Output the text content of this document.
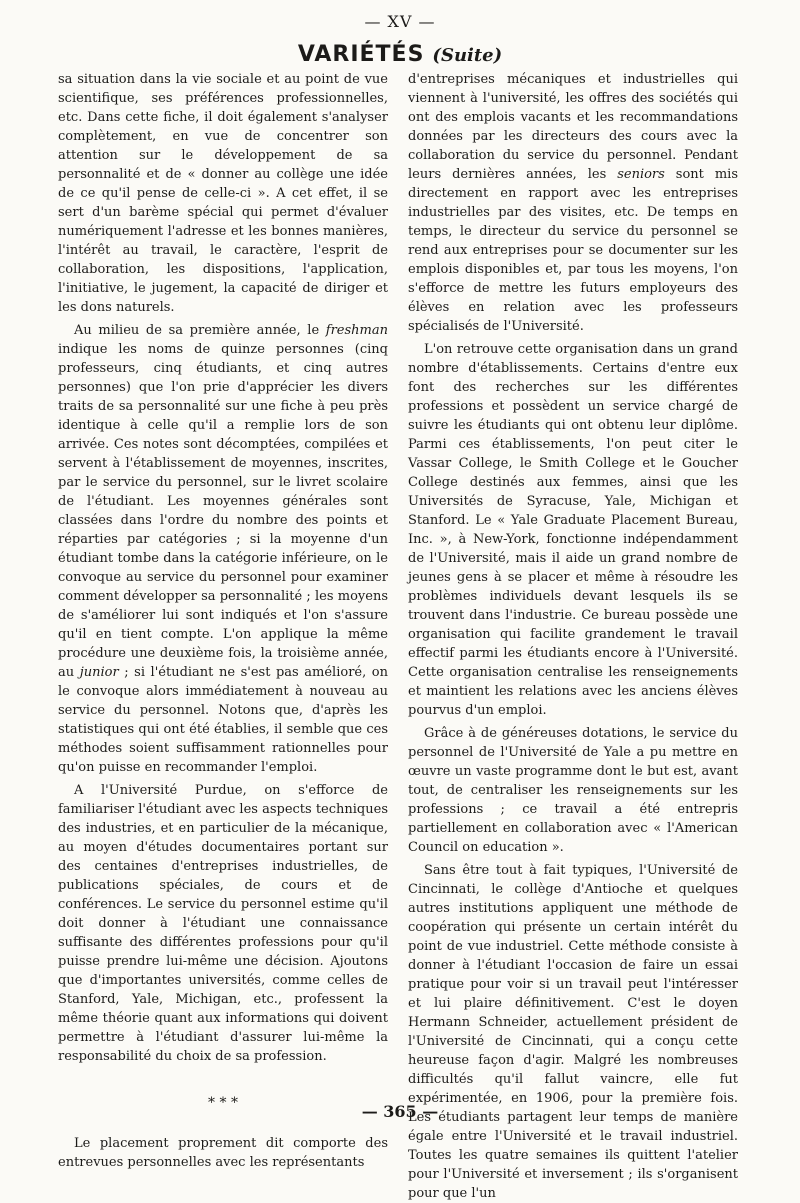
— XV —
VARIÉTÉS (Suite)

sa situation dans la vie sociale et au point de vue scientifique, ses préférences professionnelles, etc. Dans cette fiche, il doit également s'analyser complètement, en vue de concentrer son attention sur le développement de sa personnalité et de « donner au collège une idée de ce qu'il pense de celle-ci ». A cet effet, il se sert d'un barème spécial qui permet d'évaluer numériquement l'adresse et les bonnes manières, l'intérêt au travail, le caractère, l'esprit de collaboration, les dispositions, l'application, l'initiative, le jugement, la capacité de diriger et les dons naturels.

Au milieu de sa première année, le freshman indique les noms de quinze personnes (cinq professeurs, cinq étudiants, et cinq autres personnes) que l'on prie d'apprécier les divers traits de sa personnalité sur une fiche à peu près identique à celle qu'il a remplie lors de son arrivée. Ces notes sont décomptées, compilées et servent à l'établissement de moyennes, inscrites, par le service du personnel, sur le livret scolaire de l'étudiant. Les moyennes générales sont classées dans l'ordre du nombre des points et réparties par catégories ; si la moyenne d'un étudiant tombe dans la catégorie inférieure, on le convoque au service du personnel pour examiner comment développer sa personnalité ; les moyens de s'améliorer lui sont indiqués et l'on s'assure qu'il en tient compte. L'on applique la même procédure une deuxième fois, la troisième année, au junior ; si l'étudiant ne s'est pas amélioré, on le convoque alors immédiatement à nouveau au service du personnel. Notons que, d'après les statistiques qui ont été établies, il semble que ces méthodes soient suffisamment rationnelles pour qu'on puisse en recommander l'emploi.

A l'Université Purdue, on s'efforce de familiariser l'étudiant avec les aspects techniques des industries, et en particulier de la mécanique, au moyen d'études documentaires portant sur des centaines d'entreprises industrielles, de publications spéciales, de cours et de conférences. Le service du personnel estime qu'il doit donner à l'étudiant une connaissance suffisante des différentes professions pour qu'il puisse prendre lui-même une décision. Ajoutons que d'importantes universités, comme celles de Stanford, Yale, Michigan, etc., professent la même théorie quant aux informations qui doivent permettre à l'étudiant d'assurer lui-même la responsabilité du choix de sa profession.

* * *

Le placement proprement dit comporte des entrevues personnelles avec les représentants

d'entreprises mécaniques et industrielles qui viennent à l'université, les offres des sociétés qui ont des emplois vacants et les recommandations données par les directeurs des cours avec la collaboration du service du personnel. Pendant leurs dernières années, les seniors sont mis directement en rapport avec les entreprises industrielles par des visites, etc. De temps en temps, le directeur du service du personnel se rend aux entreprises pour se documenter sur les emplois disponibles et, par tous les moyens, l'on s'efforce de mettre les futurs employeurs des élèves en relation avec les professeurs spécialisés de l'Université.

L'on retrouve cette organisation dans un grand nombre d'établissements. Certains d'entre eux font des recherches sur les différentes professions et possèdent un service chargé de suivre les étudiants qui ont obtenu leur diplôme. Parmi ces établissements, l'on peut citer le Vassar College, le Smith College et le Goucher College destinés aux femmes, ainsi que les Universités de Syracuse, Yale, Michigan et Stanford. Le « Yale Graduate Placement Bureau, Inc. », à New-York, fonctionne indépendamment de l'Université, mais il aide un grand nombre de jeunes gens à se placer et même à résoudre les problèmes individuels devant lesquels ils se trouvent dans l'industrie. Ce bureau possède une organisation qui facilite grandement le travail effectif parmi les étudiants encore à l'Université. Cette organisation centralise les renseignements et maintient les relations avec les anciens élèves pourvus d'un emploi.

Grâce à de généreuses dotations, le service du personnel de l'Université de Yale a pu mettre en œuvre un vaste programme dont le but est, avant tout, de centraliser les renseignements sur les professions ; ce travail a été entrepris partiellement en collaboration avec « l'American Council on education ».

Sans être tout à fait typiques, l'Université de Cincinnati, le collège d'Antioche et quelques autres institutions appliquent une méthode de coopération qui présente un certain intérêt du point de vue industriel. Cette méthode consiste à donner à l'étudiant l'occasion de faire un essai pratique pour voir si un travail peut l'intéresser et lui plaire définitivement. C'est le doyen Hermann Schneider, actuellement président de l'Université de Cincinnati, qui a conçu cette heureuse façon d'agir. Malgré les nombreuses difficultés qu'il fallut vaincre, elle fut expérimentée, en 1906, pour la première fois. Les étudiants partagent leur temps de manière égale entre l'Université et le travail industriel. Toutes les quatre semaines ils quittent l'atelier pour l'Université et inversement ; ils s'organisent pour que l'un

— 365 —
